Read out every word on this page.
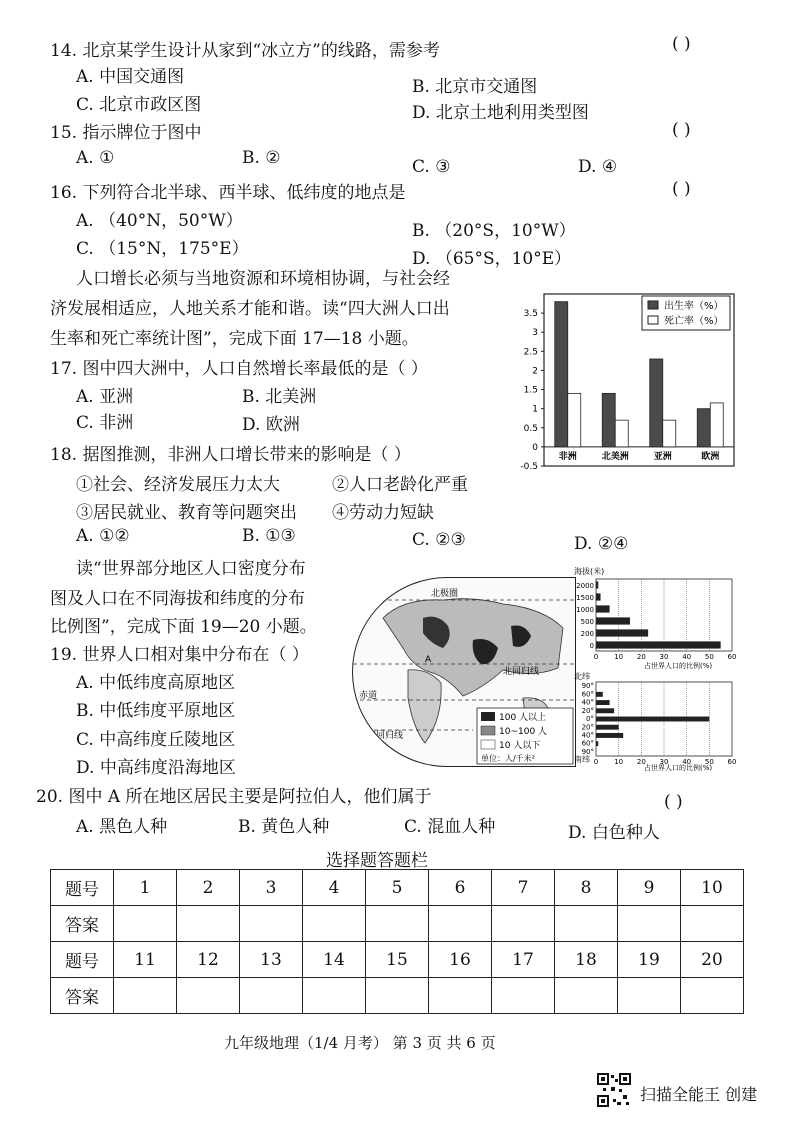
14. 北京某学生设计从家到“冰立方”的线路，需参考	( )
A. 中国交通图	B. 北京市交通图
C. 北京市政区图	D. 北京土地利用类型图
15. 指示牌位于图中	( )
A. ①	B. ②	C. ③	D. ④
16. 下列符合北半球、西半球、低纬度的地点是	( )
A. （40°N，50°W）	B. （20°S，10°W）
C. （15°N，175°E）	D. （65°S，10°E）
人口增长必须与当地资源和环境相协调，与社会经
济发展相适应，人地关系才能和谐。读“四大洲人口出
生率和死亡率统计图”，完成下面 17—18 小题。
-0.5
0
0.5
1
1.5
2
2.5
3
3.5
非洲	北美洲	亚洲	欧洲
出生率（%）
死亡率（%）
17. 图中四大洲中，人口自然增长率最低的是（ ）
A. 亚洲	B. 北美洲
C. 非洲	D. 欧洲
18. 据图推测，非洲人口增长带来的影响是（ ）
①社会、经济发展压力太大	②人口老龄化严重
③居民就业、教育等问题突出 ④劳动力短缺
A. ①②	B. ①③	C. ②③	D. ②④
读“世界部分地区人口密度分布
图及人口在不同海拔和纬度的分布
比例图”，完成下面 19—20 小题。
北极圈
北回归线
赤道
南回归线
A
100 人以上
10~100 人
10 人以下
单位：人/千米²
海拔(米)
0
200
500
1000
1500
2000
0 10 20 30 40 50 60
占世界人口的比例(%)
北纬
南纬
90°
60°
40°
20°
0°
20°
40°
60°
90°
0 10 20 30 40 50 60
占世界人口的比例(%)
19. 世界人口相对集中分布在（ ）
A. 中低纬度高原地区
B. 中低纬度平原地区
C. 中高纬度丘陵地区
D. 中高纬度沿海地区
20. 图中 A 所在地区居民主要是阿拉伯人，他们属于	( )
A. 黑色人种	B. 黄色人种	C. 混血人种	D. 白色种人
选择题答题栏
题号	1	2	3	4	5	6	7	8	9	10
答案										
题号	11	12	13	14	15	16	17	18	19	20
答案										
九年级地理（1/4 月考） 第 3 页 共 6 页
扫描全能王 创建
